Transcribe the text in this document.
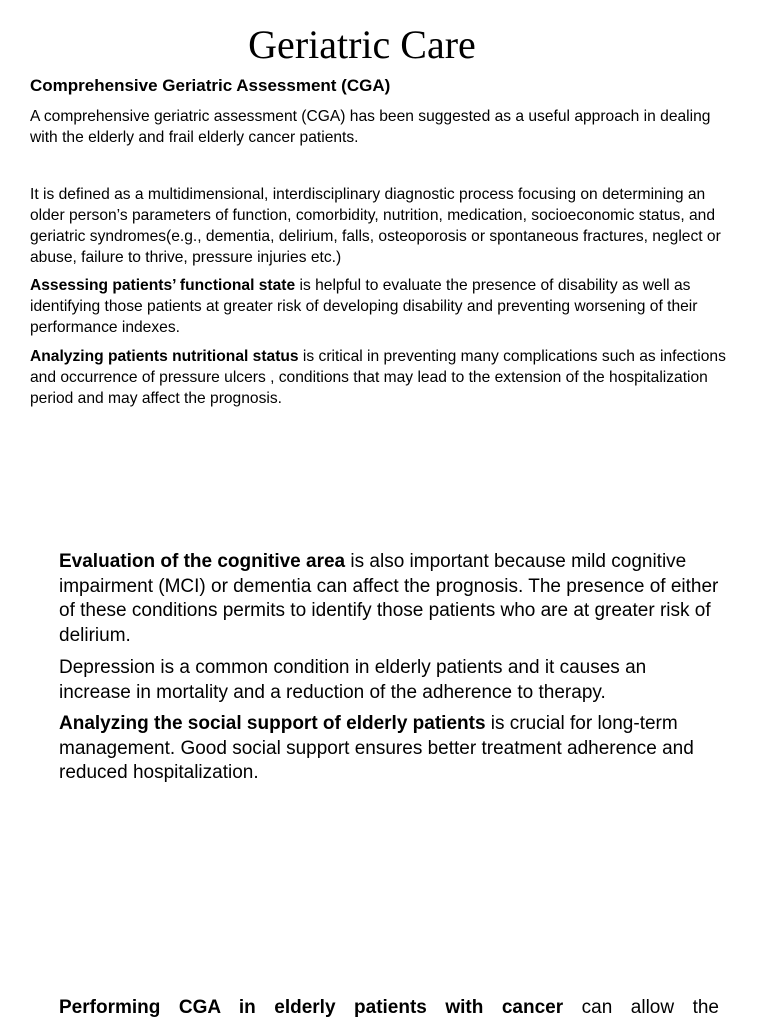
Geriatric Care
Comprehensive Geriatric Assessment (CGA)

A comprehensive geriatric assessment (CGA) has been suggested as a useful approach in dealing with the elderly and frail elderly cancer patients.

It is defined as a multidimensional, interdisciplinary diagnostic process focusing on determining an older person’s parameters of function, comorbidity, nutrition, medication, socioeconomic status, and geriatric syndromes(e.g., dementia, delirium, falls, osteoporosis or spontaneous fractures, neglect or abuse, failure to thrive, pressure injuries etc.)

Assessing patients’ functional state is helpful to evaluate the presence of disability as well as identifying those patients at greater risk of developing disability and preventing worsening of their performance indexes.

Analyzing patients nutritional status is critical in preventing many complications such as infections and occurrence of pressure ulcers , conditions that may lead to the extension of the hospitalization period and may affect the prognosis.

Evaluation of the cognitive area is also important because mild cognitive impairment (MCI) or dementia can affect the prognosis. The presence of either of these conditions permits to identify those patients who are at greater risk of delirium.

Depression is a common condition in elderly patients and it causes an increase in mortality and a reduction of the adherence to therapy.

Analyzing the social support of elderly patients is crucial for long-term management. Good social support ensures better treatment adherence and reduced hospitalization.

Performing CGA in elderly patients with cancer can allow the
